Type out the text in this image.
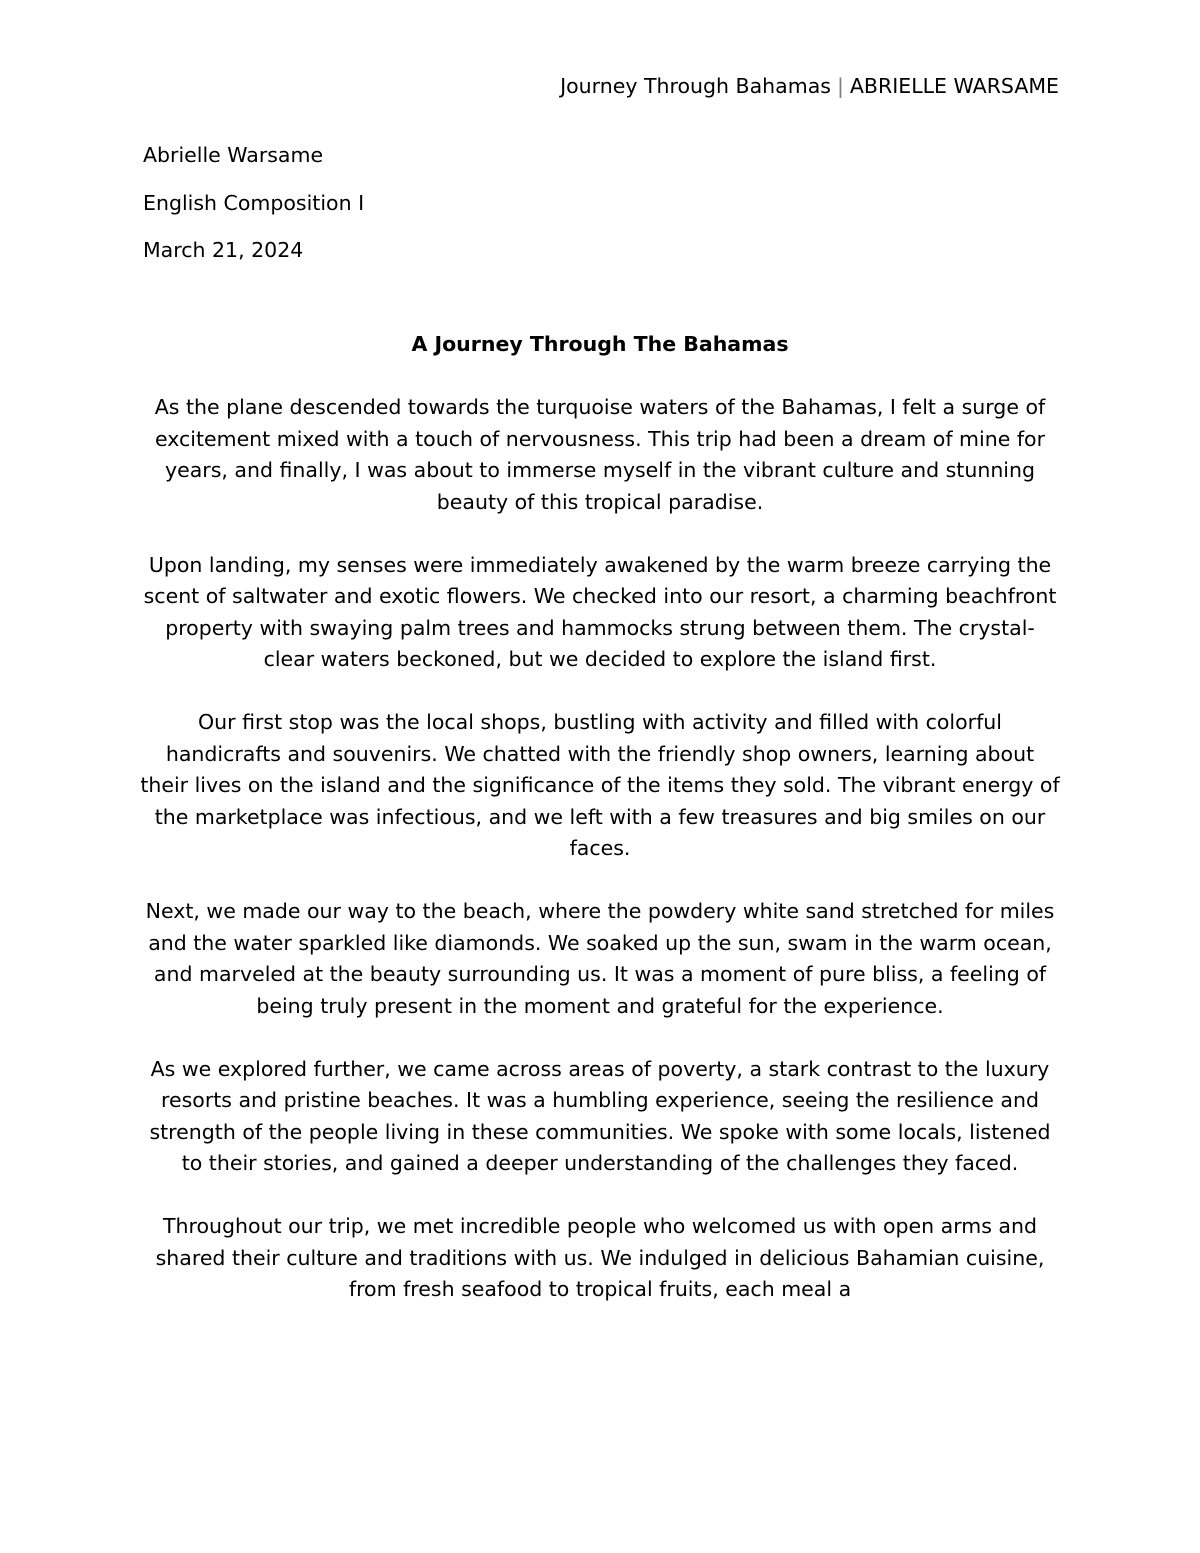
Journey Through Bahamas | ABRIELLE WARSAME
Abrielle Warsame
English Composition I
March 21, 2024
A Journey Through The Bahamas

As the plane descended towards the turquoise waters of the Bahamas, I felt a surge of excitement mixed with a touch of nervousness. This trip had been a dream of mine for years, and finally, I was about to immerse myself in the vibrant culture and stunning beauty of this tropical paradise.

Upon landing, my senses were immediately awakened by the warm breeze carrying the scent of saltwater and exotic flowers. We checked into our resort, a charming beachfront property with swaying palm trees and hammocks strung between them. The crystal-clear waters beckoned, but we decided to explore the island first.

Our first stop was the local shops, bustling with activity and filled with colorful handicrafts and souvenirs. We chatted with the friendly shop owners, learning about their lives on the island and the significance of the items they sold. The vibrant energy of the marketplace was infectious, and we left with a few treasures and big smiles on our faces.

Next, we made our way to the beach, where the powdery white sand stretched for miles and the water sparkled like diamonds. We soaked up the sun, swam in the warm ocean, and marveled at the beauty surrounding us. It was a moment of pure bliss, a feeling of being truly present in the moment and grateful for the experience.

As we explored further, we came across areas of poverty, a stark contrast to the luxury resorts and pristine beaches. It was a humbling experience, seeing the resilience and strength of the people living in these communities. We spoke with some locals, listened to their stories, and gained a deeper understanding of the challenges they faced.

Throughout our trip, we met incredible people who welcomed us with open arms and shared their culture and traditions with us. We indulged in delicious Bahamian cuisine, from fresh seafood to tropical fruits, each meal a
